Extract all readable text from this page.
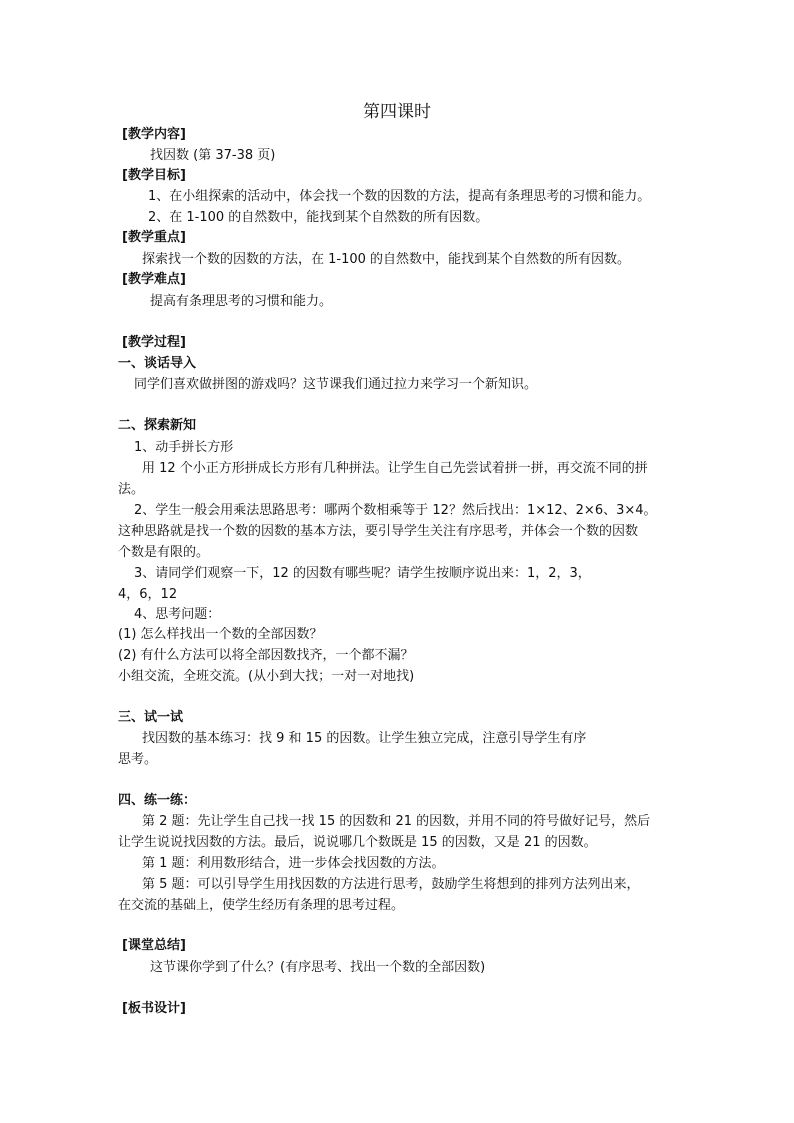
第四课时
[教学内容]
找因数 (第 37-38 页)
[教学目标]
1、在小组探索的活动中，体会找一个数的因数的方法，提高有条理思考的习惯和能力。
2、在 1-100 的自然数中，能找到某个自然数的所有因数。
[教学重点]
探索找一个数的因数的方法，在 1-100 的自然数中，能找到某个自然数的所有因数。
[教学难点]
提高有条理思考的习惯和能力。
[教学过程]
一、谈话导入
同学们喜欢做拼图的游戏吗？这节课我们通过拉力来学习一个新知识。
二、探索新知
1、动手拼长方形
用 12 个小正方形拼成长方形有几种拼法。让学生自己先尝试着拼一拼，再交流不同的拼
法。
2、学生一般会用乘法思路思考：哪两个数相乘等于 12？然后找出：1×12、2×6、3×4。
这种思路就是找一个数的因数的基本方法，要引导学生关注有序思考，并体会一个数的因数
个数是有限的。
3、请同学们观察一下，12 的因数有哪些呢？请学生按顺序说出来：1，2，3，
4，6，12
4、思考问题：
(1) 怎么样找出一个数的全部因数？
(2) 有什么方法可以将全部因数找齐，一个都不漏？
小组交流，全班交流。(从小到大找；一对一对地找)
三、试一试
找因数的基本练习：找 9 和 15 的因数。让学生独立完成，注意引导学生有序
思考。
四、练一练：
第 2 题：先让学生自己找一找 15 的因数和 21 的因数，并用不同的符号做好记号，然后
让学生说说找因数的方法。最后，说说哪几个数既是 15 的因数，又是 21 的因数。
第 1 题：利用数形结合，进一步体会找因数的方法。
第 5 题：可以引导学生用找因数的方法进行思考，鼓励学生将想到的排列方法列出来，
在交流的基础上，使学生经历有条理的思考过程。
[课堂总结]
这节课你学到了什么？(有序思考、找出一个数的全部因数)
[板书设计]
